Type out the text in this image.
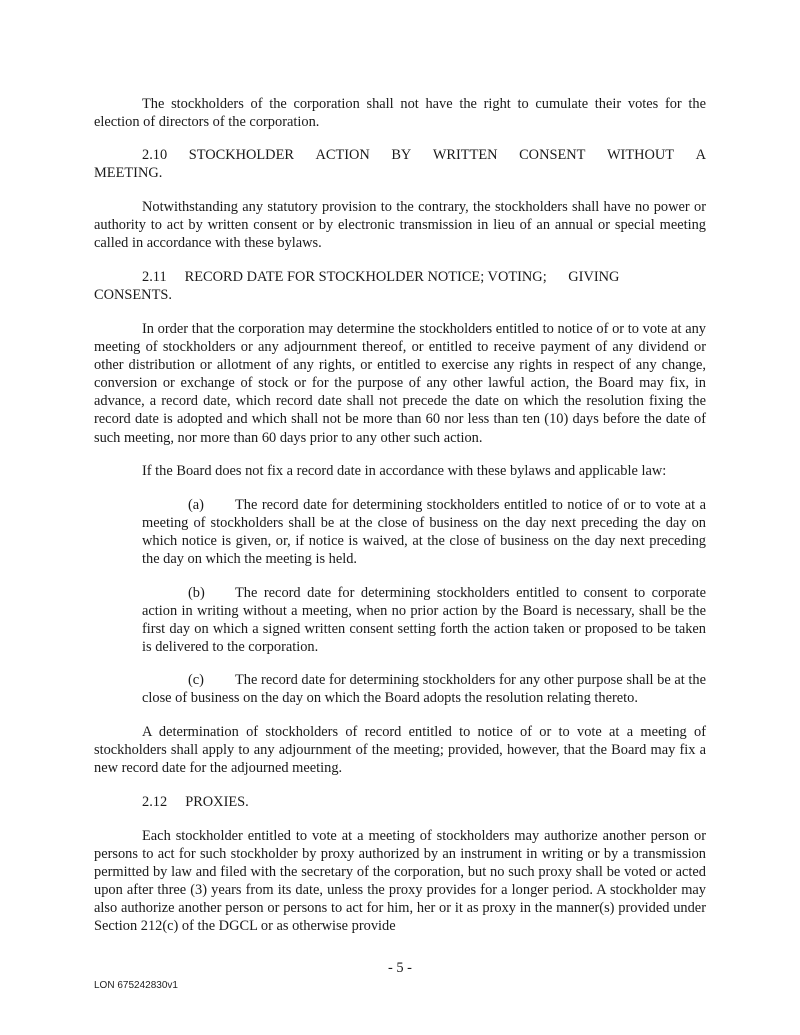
The stockholders of the corporation shall not have the right to cumulate their votes for the election of directors of the corporation.

2.10 STOCKHOLDER ACTION BY WRITTEN CONSENT WITHOUT A
MEETING.

Notwithstanding any statutory provision to the contrary, the stockholders shall have no power or authority to act by written consent or by electronic transmission in lieu of an annual or special meeting called in accordance with these bylaws.

2.11 RECORD DATE FOR STOCKHOLDER NOTICE; VOTING;      GIVING
CONSENTS.

In order that the corporation may determine the stockholders entitled to notice of or to vote at any meeting of stockholders or any adjournment thereof, or entitled to receive payment of any dividend or other distribution or allotment of any rights, or entitled to exercise any rights in respect of any change, conversion or exchange of stock or for the purpose of any other lawful action, the Board may fix, in advance, a record date, which record date shall not precede the date on which the resolution fixing the record date is adopted and which shall not be more than 60 nor less than ten (10) days before the date of such meeting, nor more than 60 days prior to any other such action.

If the Board does not fix a record date in accordance with these bylaws and applicable law:

(a) The record date for determining stockholders entitled to notice of or to vote at a meeting of stockholders shall be at the close of business on the day next preceding the day on which notice is given, or, if notice is waived, at the close of business on the day next preceding the day on which the meeting is held.

(b) The record date for determining stockholders entitled to consent to corporate action in writing without a meeting, when no prior action by the Board is necessary, shall be the first day on which a signed written consent setting forth the action taken or proposed to be taken is delivered to the corporation.

(c) The record date for determining stockholders for any other purpose shall be at the close of business on the day on which the Board adopts the resolution relating thereto.

A determination of stockholders of record entitled to notice of or to vote at a meeting of stockholders shall apply to any adjournment of the meeting; provided, however, that the Board may fix a new record date for the adjourned meeting.

2.12 PROXIES.

Each stockholder entitled to vote at a meeting of stockholders may authorize another person or persons to act for such stockholder by proxy authorized by an instrument in writing or by a transmission permitted by law and filed with the secretary of the corporation, but no such proxy shall be voted or acted upon after three (3) years from its date, unless the proxy provides for a longer period. A stockholder may also authorize another person or persons to act for him, her or it as proxy in the manner(s) provided under Section 212(c) of the DGCL or as otherwise provide

- 5 -
LON 675242830v1
